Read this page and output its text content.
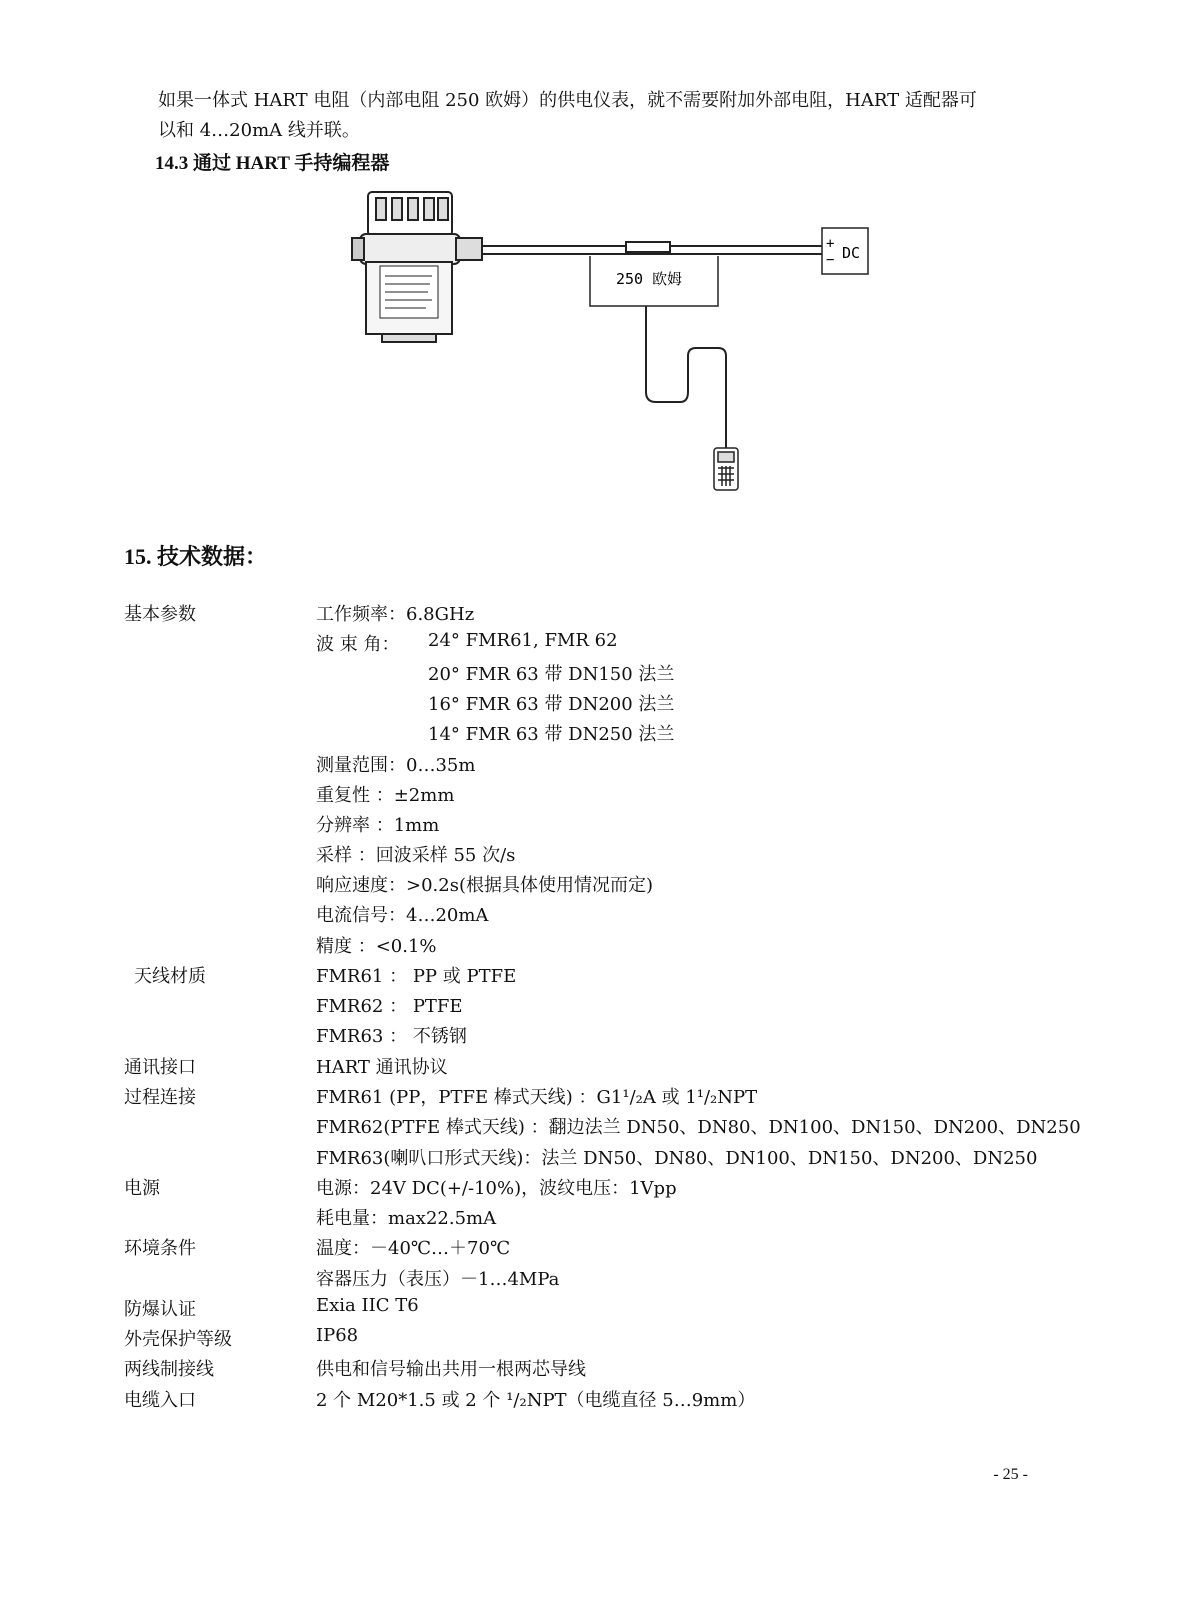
如果一体式 HART 电阻（内部电阻 250 欧姆）的供电仪表，就不需要附加外部电阻，HART 适配器可
以和 4…20mA 线并联。
14.3 通过 HART 手持编程器
+
− DC
250 欧姆
15. 技术数据：
基本参数	工作频率：6.8GHz
波 束 角： 24° FMR61, FMR 62
20° FMR 63 带 DN150 法兰
16° FMR 63 带 DN200 法兰
14° FMR 63 带 DN250 法兰
测量范围：0…35m
重复性 ：±2mm
分辨率 ：1mm
采样 ：回波采样 55 次/s
响应速度：>0.2s(根据具体使用情况而定)
电流信号：4…20mA
精度 ：<0.1%
天线材质	FMR61 ： PP 或 PTFE
FMR62 ： PTFE
FMR63 ： 不锈钢
通讯接口	HART 通讯协议
过程连接	FMR61 (PP，PTFE 棒式天线) ：G1¹/₂A 或 1¹/₂NPT
FMR62(PTFE 棒式天线) ：翻边法兰 DN50、DN80、DN100、DN150、DN200、DN250
FMR63(喇叭口形式天线)：法兰 DN50、DN80、DN100、DN150、DN200、DN250
电源	电源：24V DC(+/-10%)，波纹电压：1Vpp
耗电量：max22.5mA
环境条件	温度：－40℃…＋70℃
容器压力（表压）－1…4MPa
防爆认证	Exia IIC T6
外壳保护等级	IP68
两线制接线	供电和信号输出共用一根两芯导线
电缆入口	2 个 M20*1.5 或 2 个 ¹/₂NPT（电缆直径 5…9mm）
- 25 -
